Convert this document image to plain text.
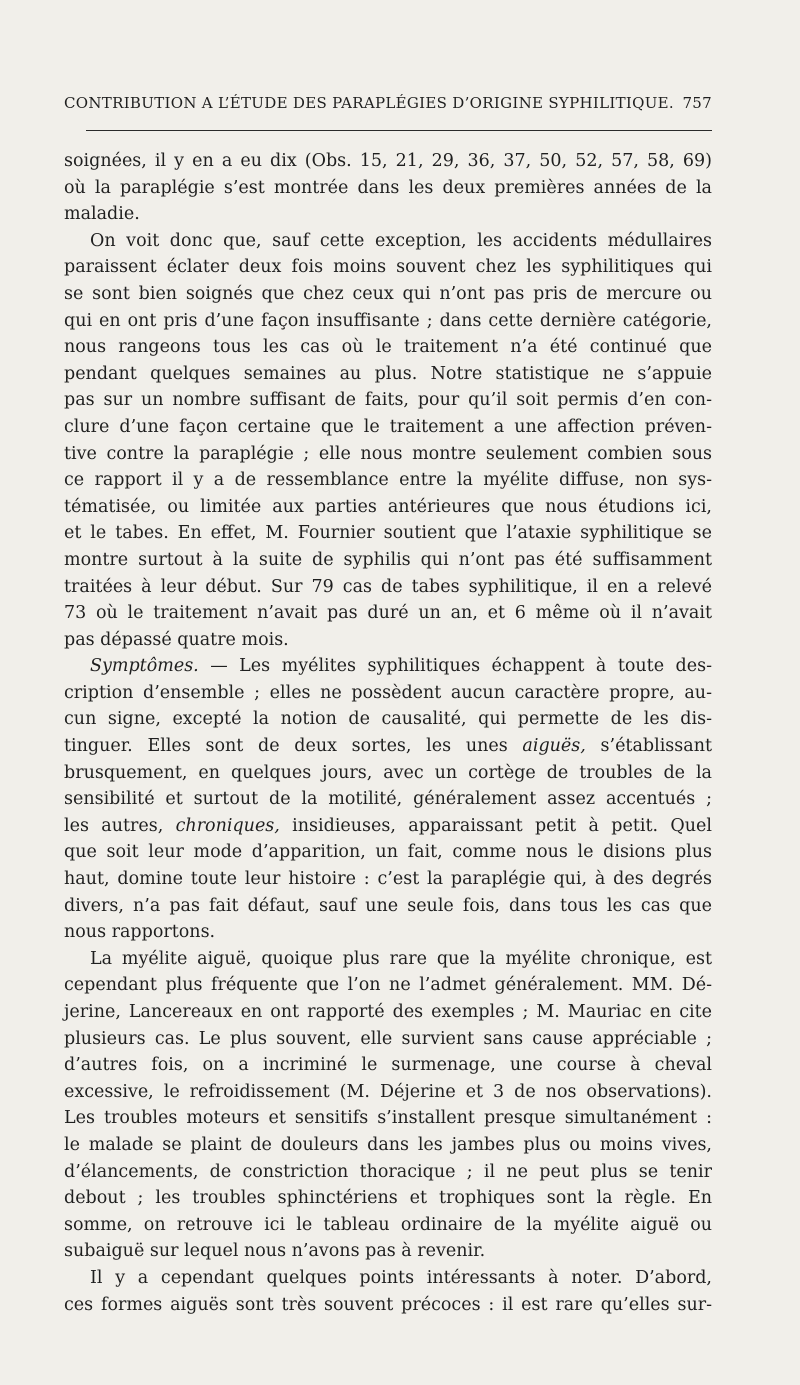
CONTRIBUTION A L’ÉTUDE DES PARAPLÉGIES D’ORIGINE SYPHILITIQUE. 757
soignées, il y en a eu dix (Obs. 15, 21, 29, 36, 37, 50, 52, 57, 58, 69)
où la paraplégie s’est montrée dans les deux premières années de la
maladie.
On voit donc que, sauf cette exception, les accidents médullaires
paraissent éclater deux fois moins souvent chez les syphilitiques qui
se sont bien soignés que chez ceux qui n’ont pas pris de mercure ou
qui en ont pris d’une façon insuffisante ; dans cette dernière catégorie,
nous rangeons tous les cas où le traitement n’a été continué que
pendant quelques semaines au plus. Notre statistique ne s’appuie
pas sur un nombre suffisant de faits, pour qu’il soit permis d’en con-
clure d’une façon certaine que le traitement a une affection préven-
tive contre la paraplégie ; elle nous montre seulement combien sous
ce rapport il y a de ressemblance entre la myélite diffuse, non sys-
tématisée, ou limitée aux parties antérieures que nous étudions ici,
et le tabes. En effet, M. Fournier soutient que l’ataxie syphilitique se
montre surtout à la suite de syphilis qui n’ont pas été suffisamment
traitées à leur début. Sur 79 cas de tabes syphilitique, il en a relevé
73 où le traitement n’avait pas duré un an, et 6 même où il n’avait
pas dépassé quatre mois.
Symptômes. — Les myélites syphilitiques échappent à toute des-
cription d’ensemble ; elles ne possèdent aucun caractère propre, au-
cun signe, excepté la notion de causalité, qui permette de les dis-
tinguer. Elles sont de deux sortes, les unes aiguës, s’établissant
brusquement, en quelques jours, avec un cortège de troubles de la
sensibilité et surtout de la motilité, généralement assez accentués ;
les autres, chroniques, insidieuses, apparaissant petit à petit. Quel
que soit leur mode d’apparition, un fait, comme nous le disions plus
haut, domine toute leur histoire : c’est la paraplégie qui, à des degrés
divers, n’a pas fait défaut, sauf une seule fois, dans tous les cas que
nous rapportons.
La myélite aiguë, quoique plus rare que la myélite chronique, est
cependant plus fréquente que l’on ne l’admet généralement. MM. Dé-
jerine, Lancereaux en ont rapporté des exemples ; M. Mauriac en cite
plusieurs cas. Le plus souvent, elle survient sans cause appréciable ;
d’autres fois, on a incriminé le surmenage, une course à cheval
excessive, le refroidissement (M. Déjerine et 3 de nos observations).
Les troubles moteurs et sensitifs s’installent presque simultanément :
le malade se plaint de douleurs dans les jambes plus ou moins vives,
d’élancements, de constriction thoracique ; il ne peut plus se tenir
debout ; les troubles sphinctériens et trophiques sont la règle. En
somme, on retrouve ici le tableau ordinaire de la myélite aiguë ou
subaiguë sur lequel nous n’avons pas à revenir.
Il y a cependant quelques points intéressants à noter. D’abord,
ces formes aiguës sont très souvent précoces : il est rare qu’elles sur-
